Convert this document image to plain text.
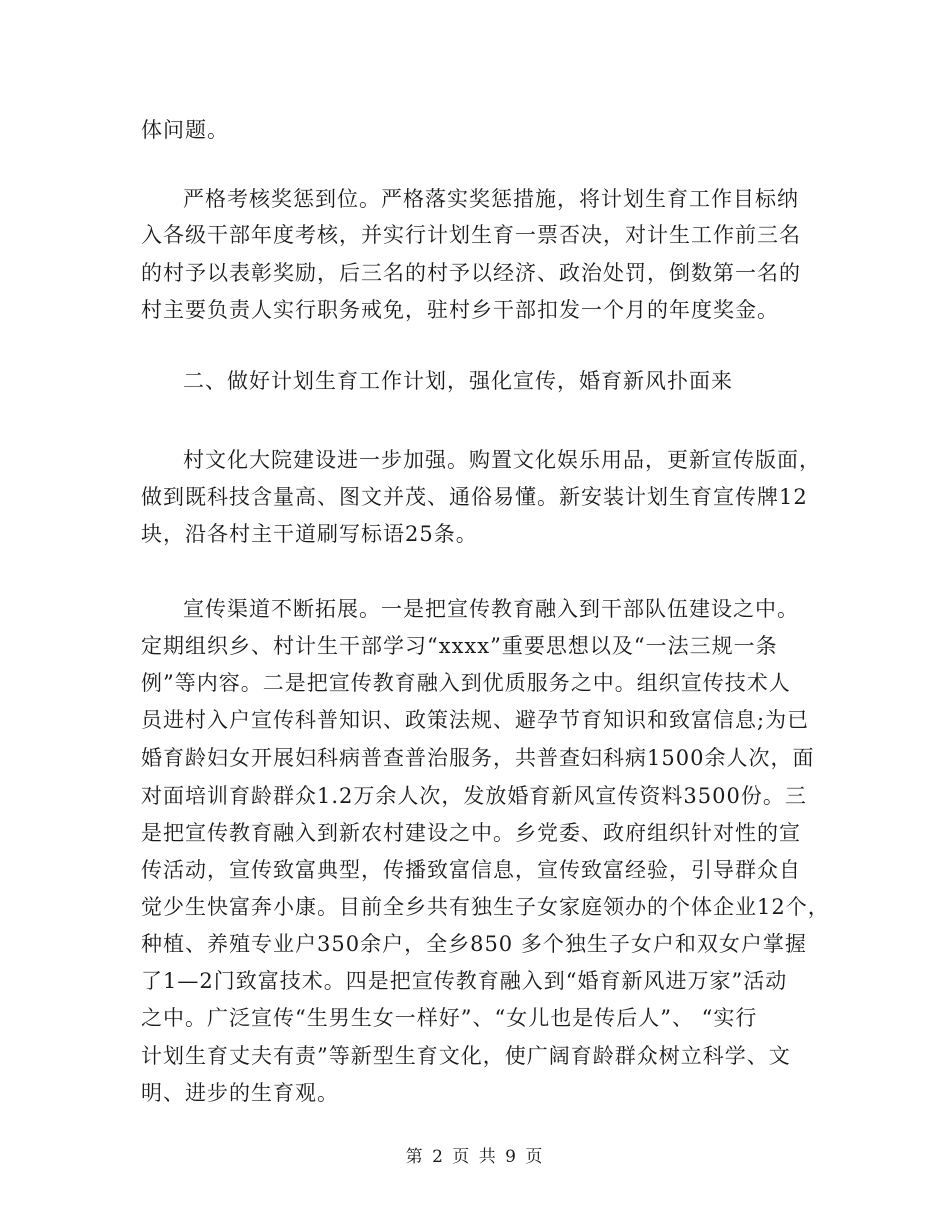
体问题。
严格考核奖惩到位。严格落实奖惩措施，将计划生育工作目标纳
入各级干部年度考核，并实行计划生育一票否决，对计生工作前三名
的村予以表彰奖励，后三名的村予以经济、政治处罚，倒数第一名的
村主要负责人实行职务戒免，驻村乡干部扣发一个月的年度奖金。
二、做好计划生育工作计划，强化宣传，婚育新风扑面来
村文化大院建设进一步加强。购置文化娱乐用品，更新宣传版面，
做到既科技含量高、图文并茂、通俗易懂。新安装计划生育宣传牌12
块，沿各村主干道刷写标语25条。
宣传渠道不断拓展。一是把宣传教育融入到干部队伍建设之中。
定期组织乡、村计生干部学习“xxxx”重要思想以及“一法三规一条
例”等内容。二是把宣传教育融入到优质服务之中。组织宣传技术人
员进村入户宣传科普知识、政策法规、避孕节育知识和致富信息;为已
婚育龄妇女开展妇科病普查普治服务，共普查妇科病1500余人次，面
对面培训育龄群众1.2万余人次，发放婚育新风宣传资料3500份。三
是把宣传教育融入到新农村建设之中。乡党委、政府组织针对性的宣
传活动，宣传致富典型，传播致富信息，宣传致富经验，引导群众自
觉少生快富奔小康。目前全乡共有独生子女家庭领办的个体企业12个，
种植、养殖专业户350余户，全乡850 多个独生子女户和双女户掌握
了1—2门致富技术。四是把宣传教育融入到“婚育新风进万家”活动
之中。广泛宣传“生男生女一样好”、“女儿也是传后人”、 “实行
计划生育丈夫有责”等新型生育文化，使广阔育龄群众树立科学、文
明、进步的生育观。
第 2 页 共 9 页
